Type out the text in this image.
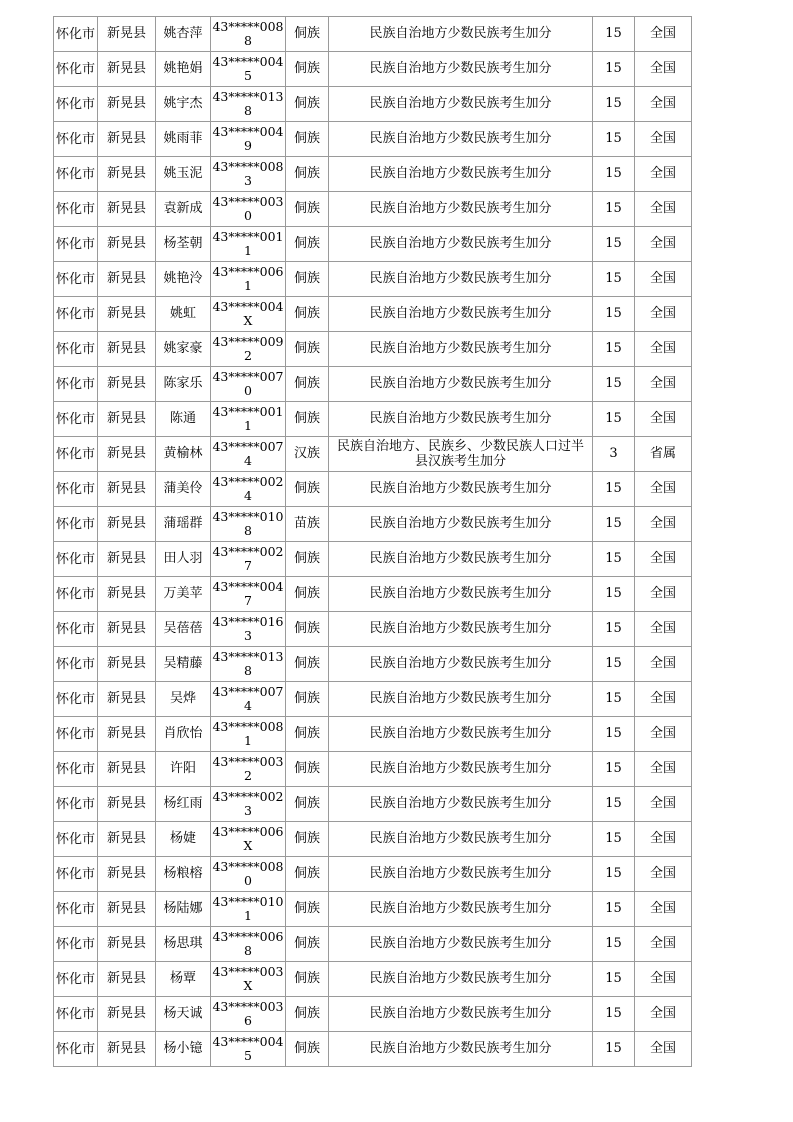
怀化市	新晃县	姚杏萍	43*****0088	侗族	民族自治地方少数民族考生加分	15	全国
怀化市	新晃县	姚艳娟	43*****0045	侗族	民族自治地方少数民族考生加分	15	全国
怀化市	新晃县	姚宇杰	43*****0138	侗族	民族自治地方少数民族考生加分	15	全国
怀化市	新晃县	姚雨菲	43*****0049	侗族	民族自治地方少数民族考生加分	15	全国
怀化市	新晃县	姚玉泥	43*****0083	侗族	民族自治地方少数民族考生加分	15	全国
怀化市	新晃县	袁新成	43*****0030	侗族	民族自治地方少数民族考生加分	15	全国
怀化市	新晃县	杨荃朝	43*****0011	侗族	民族自治地方少数民族考生加分	15	全国
怀化市	新晃县	姚艳泠	43*****0061	侗族	民族自治地方少数民族考生加分	15	全国
怀化市	新晃县	姚虹	43*****004X	侗族	民族自治地方少数民族考生加分	15	全国
怀化市	新晃县	姚家豪	43*****0092	侗族	民族自治地方少数民族考生加分	15	全国
怀化市	新晃县	陈家乐	43*****0070	侗族	民族自治地方少数民族考生加分	15	全国
怀化市	新晃县	陈通	43*****0011	侗族	民族自治地方少数民族考生加分	15	全国
怀化市	新晃县	黄榆林	43*****0074	汉族	民族自治地方、民族乡、少数民族人口过半县汉族考生加分	3	省属
怀化市	新晃县	蒲美伶	43*****0024	侗族	民族自治地方少数民族考生加分	15	全国
怀化市	新晃县	蒲瑶群	43*****0108	苗族	民族自治地方少数民族考生加分	15	全国
怀化市	新晃县	田人羽	43*****0027	侗族	民族自治地方少数民族考生加分	15	全国
怀化市	新晃县	万美苹	43*****0047	侗族	民族自治地方少数民族考生加分	15	全国
怀化市	新晃县	吴蓓蓓	43*****0163	侗族	民族自治地方少数民族考生加分	15	全国
怀化市	新晃县	吴精藤	43*****0138	侗族	民族自治地方少数民族考生加分	15	全国
怀化市	新晃县	吴烨	43*****0074	侗族	民族自治地方少数民族考生加分	15	全国
怀化市	新晃县	肖欣怡	43*****0081	侗族	民族自治地方少数民族考生加分	15	全国
怀化市	新晃县	许阳	43*****0032	侗族	民族自治地方少数民族考生加分	15	全国
怀化市	新晃县	杨红雨	43*****0023	侗族	民族自治地方少数民族考生加分	15	全国
怀化市	新晃县	杨婕	43*****006X	侗族	民族自治地方少数民族考生加分	15	全国
怀化市	新晃县	杨粮榕	43*****0080	侗族	民族自治地方少数民族考生加分	15	全国
怀化市	新晃县	杨陆娜	43*****0101	侗族	民族自治地方少数民族考生加分	15	全国
怀化市	新晃县	杨思琪	43*****0068	侗族	民族自治地方少数民族考生加分	15	全国
怀化市	新晃县	杨覃	43*****003X	侗族	民族自治地方少数民族考生加分	15	全国
怀化市	新晃县	杨天诚	43*****0036	侗族	民族自治地方少数民族考生加分	15	全国
怀化市	新晃县	杨小镱	43*****0045	侗族	民族自治地方少数民族考生加分	15	全国
